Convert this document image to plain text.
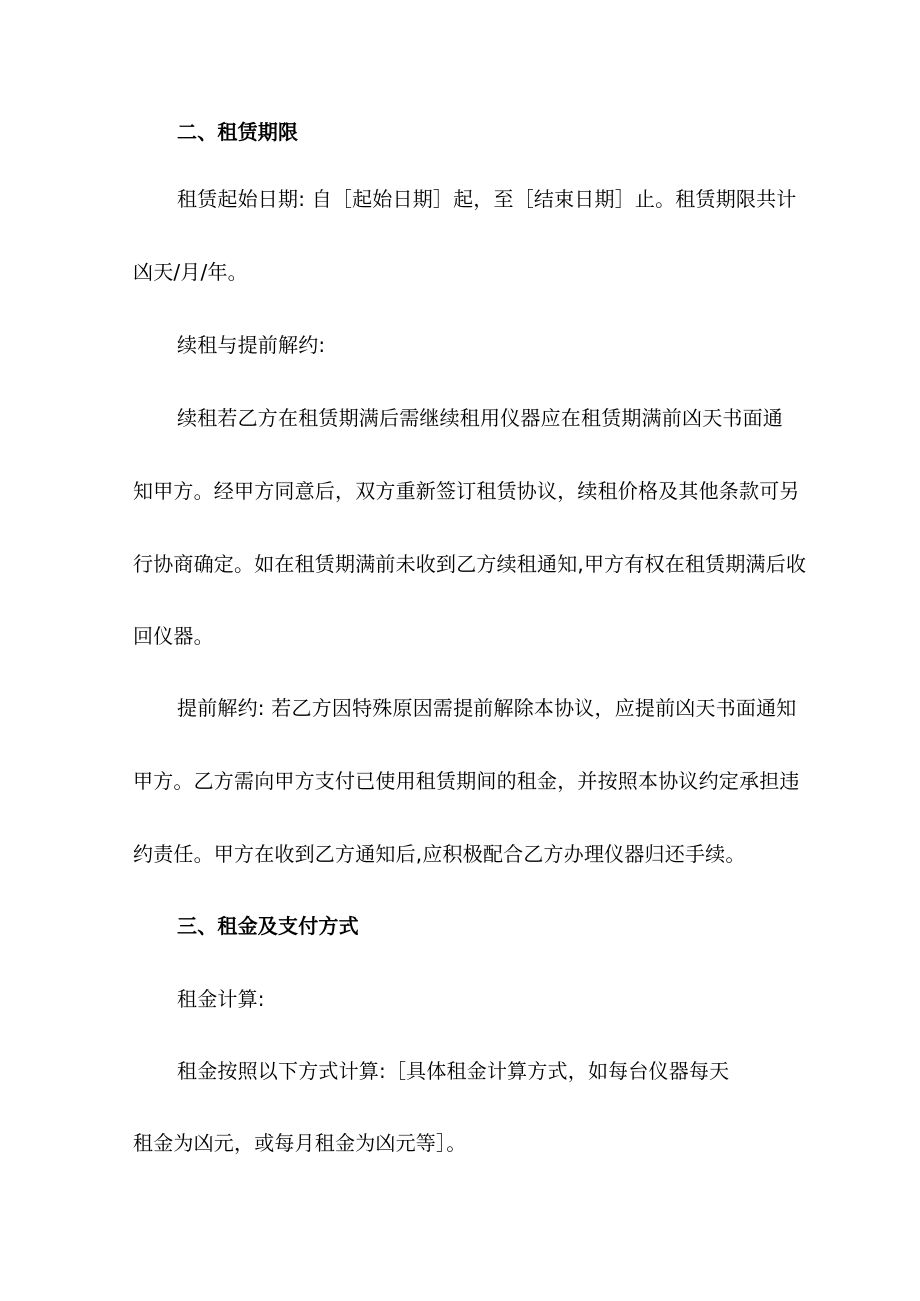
二、租赁期限

租赁起始日期: 自［起始日期］起，至［结束日期］止。租赁期限共计

凶天/月/年。

续租与提前解约:

续租若乙方在租赁期满后需继续租用仪器应在租赁期满前凶天书面通

知甲方。经甲方同意后，双方重新签订租赁协议，续租价格及其他条款可另

行协商确定。如在租赁期满前未收到乙方续租通知,甲方有权在租赁期满后收

回仪器。

提前解约: 若乙方因特殊原因需提前解除本协议，应提前凶天书面通知

甲方。乙方需向甲方支付已使用租赁期间的租金，并按照本协议约定承担违

约责任。甲方在收到乙方通知后,应积极配合乙方办理仪器归还手续。

三、租金及支付方式

租金计算:

租金按照以下方式计算:［具体租金计算方式，如每台仪器每天

租金为凶元，或每月租金为凶元等］。
